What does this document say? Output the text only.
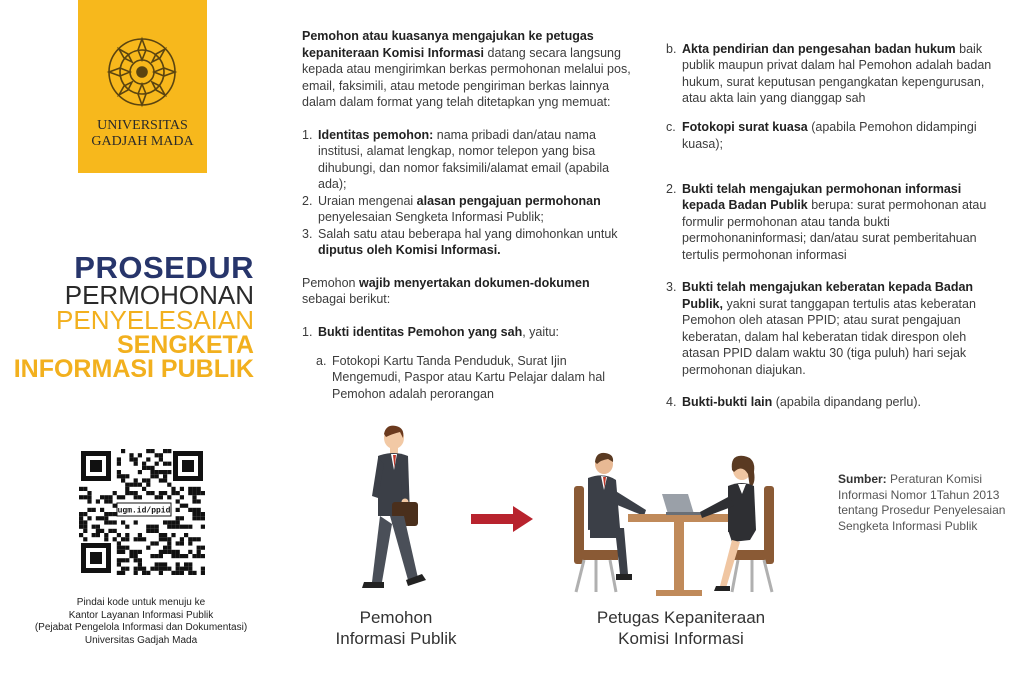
UNIVERSITAS
GADJAH MADA
PROSEDUR
PERMOHONAN
PENYELESAIAN
SENGKETA
INFORMASI PUBLIK

Pemohon atau kuasanya mengajukan ke petugas kepaniteraan Komisi Informasi datang secara langsung kepada atau mengirimkan berkas permohonan melalui pos, email, faksimili, atau metode pengiriman berkas lainnya dalam dalam format yang telah ditetapkan yng memuat:

1. Identitas pemohon: nama pribadi dan/atau nama institusi, alamat lengkap, nomor telepon yang bisa dihubungi, dan nomor faksimili/alamat email (apabila ada);

2. Uraian mengenai alasan pengajuan permohonan penyelesaian Sengketa Informasi Publik;

3. Salah satu atau beberapa hal yang dimohonkan untuk diputus oleh Komisi Informasi.

Pemohon wajib menyertakan dokumen-dokumen sebagai berikut:

1. Bukti identitas Pemohon yang sah, yaitu:

a. Fotokopi Kartu Tanda Penduduk, Surat Ijin Mengemudi, Paspor atau Kartu Pelajar dalam hal Pemohon adalah perorangan

b. Akta pendirian dan pengesahan badan hukum baik publik maupun privat dalam hal Pemohon adalah badan hukum, surat keputusan pengangkatan kepengurusan, atau akta lain yang dianggap sah

c. Fotokopi surat kuasa (apabila Pemohon didampingi kuasa);

2. Bukti telah mengajukan permohonan informasi kepada Badan Publik berupa: surat permohonan atau formulir permohonan atau tanda bukti permohonaninformasi; dan/atau surat pemberitahuan tertulis permohonan informasi

3. Bukti telah mengajukan keberatan kepada Badan Publik, yakni surat tanggapan tertulis atas keberatan Pemohon oleh atasan PPID; atau surat pengajuan keberatan, dalam hal keberatan tidak direspon oleh atasan PPID dalam waktu 30 (tiga puluh) hari sejak permohonan diajukan.

4. Bukti-bukti lain (apabila dipandang perlu).

ugm.id/ppid
Pindai kode untuk menuju ke
Kantor Layanan Informasi Publik
(Pejabat Pengelola Informasi dan Dokumentasi)
Universitas Gadjah Mada
Pemohon
Informasi Publik
Petugas Kepaniteraan
Komisi Informasi
Sumber: Peraturan Komisi Informasi Nomor 1Tahun 2013 tentang Prosedur Penyelesaian Sengketa Informasi Publik
